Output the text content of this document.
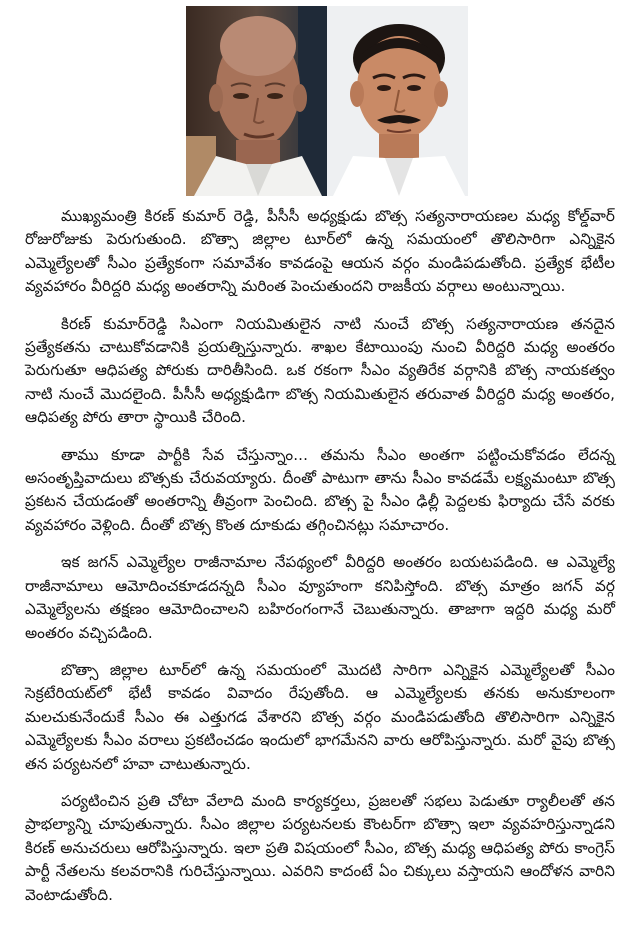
ముఖ్యమంత్రి కిరణ్ కుమార్ రెడ్డి, పీసీసీ అధ్యక్షుడు బొత్స సత్యనారాయణల మధ్య కోల్డ్‌వార్ రోజురోజుకు పెరుగుతుంది. బొత్సా జిల్లాల టూర్‌లో ఉన్న సమయంలో తొలిసారిగా ఎన్నికైన ఎమ్మెల్యేలతో సీఎం ప్రత్యేకంగా సమావేశం కావడంపై ఆయన వర్గం మండిపడుతోంది. ప్రత్యేక భేటీల వ్యవహారం వీరిద్దరి మధ్య అంతరాన్ని మరింత పెంచుతుందని రాజకీయ వర్గాలు అంటున్నాయి.

కిరణ్ కుమార్‌రెడ్డి సిఎంగా నియమితులైన నాటి నుంచే బొత్స సత్యనారాయణ తనదైన ప్రత్యేకతను చాటుకోవడానికి ప్రయత్నిస్తున్నారు. శాఖల కేటాయింపు నుంచి వీరిద్దరి మధ్య అంతరం పెరుగుతూ ఆధిపత్య పోరుకు దారితీసింది. ఒక రకంగా సీఎం వ్యతిరేక వర్గానికి బొత్స నాయకత్వం నాటి నుంచే మొదలైంది. పీసీసీ అధ్యక్షుడిగా బొత్స నియమితులైన తరువాత వీరిద్దరి మధ్య అంతరం, ఆధిపత్య పోరు తారా స్థాయికి చేరింది.

తాము కూడా పార్టీకి సేవ చేస్తున్నాం... తమను సీఎం అంతగా పట్టించుకోవడం లేదన్న అసంతృప్తివాదులు బొత్సకు చేరువయ్యారు. దీంతో పాటుగా తాను సీఎం కావడమే లక్ష్యమంటూ బొత్స ప్రకటన చేయడంతో అంతరాన్ని తీవ్రంగా పెంచింది. బొత్స పై సీఎం ఢిల్లీ పెద్దలకు ఫిర్యాదు చేసే వరకు వ్యవహారం వెళ్లింది. దీంతో బొత్స కొంత దూకుడు తగ్గించినట్లు సమాచారం.

ఇక జగన్ ఎమ్మెల్యేల రాజీనామాల నేపథ్యంలో వీరిద్దరి అంతరం బయటపడింది. ఆ ఎమ్మెల్యే రాజీనామాలు ఆమోదించకూడదన్నది సీఎం వ్యూహంగా కనిపిస్తోంది. బొత్స మాత్రం జగన్ వర్గ ఎమ్మెల్యేలను తక్షణం ఆమోదించాలని బహిరంగంగానే చెబుతున్నారు. తాజాగా ఇద్దరి మధ్య మరో అంతరం వచ్చిపడింది.

బొత్సా జిల్లాల టూర్‌లో ఉన్న సమయంలో మొదటి సారిగా ఎన్నికైన ఎమ్మెల్యేలతో సీఎం సెక్రటేరియట్‌లో భేటీ కావడం వివాదం రేపుతోంది. ఆ ఎమ్మెల్యేలకు తనకు అనుకూలంగా మలచుకునేందుకే సీఎం ఈ ఎత్తుగడ వేశారని బొత్స వర్గం మండిపడుతోంది తొలిసారిగా ఎన్నికైన ఎమ్మెల్యేలకు సీఎం వరాలు ప్రకటించడం ఇందులో భాగమేనని వారు ఆరోపిస్తున్నారు. మరో వైపు బొత్స తన పర్యటనలో హవా చాటుతున్నారు.

పర్యటించిన ప్రతి చోటా వేలాది మంది కార్యకర్తలు, ప్రజలతో సభలు పెడుతూ ర్యాలీలతో తన ప్రాభల్యాన్ని చూపుతున్నారు. సీఎం జిల్లాల పర్యటనలకు కౌంటర్‌గా బొత్సా ఇలా వ్యవహరిస్తున్నాడని కిరణ్ అనుచరులు ఆరోపిస్తున్నారు. ఇలా ప్రతి విషయంలో సీఎం, బొత్స మధ్య ఆధిపత్య పోరు కాంగ్రెస్ పార్టీ నేతలను కలవరానికి గురిచేస్తున్నాయి. ఎవరిని కాదంటే ఏం చిక్కులు వస్తాయని ఆందోళన వారిని వెంటాడుతోంది.
